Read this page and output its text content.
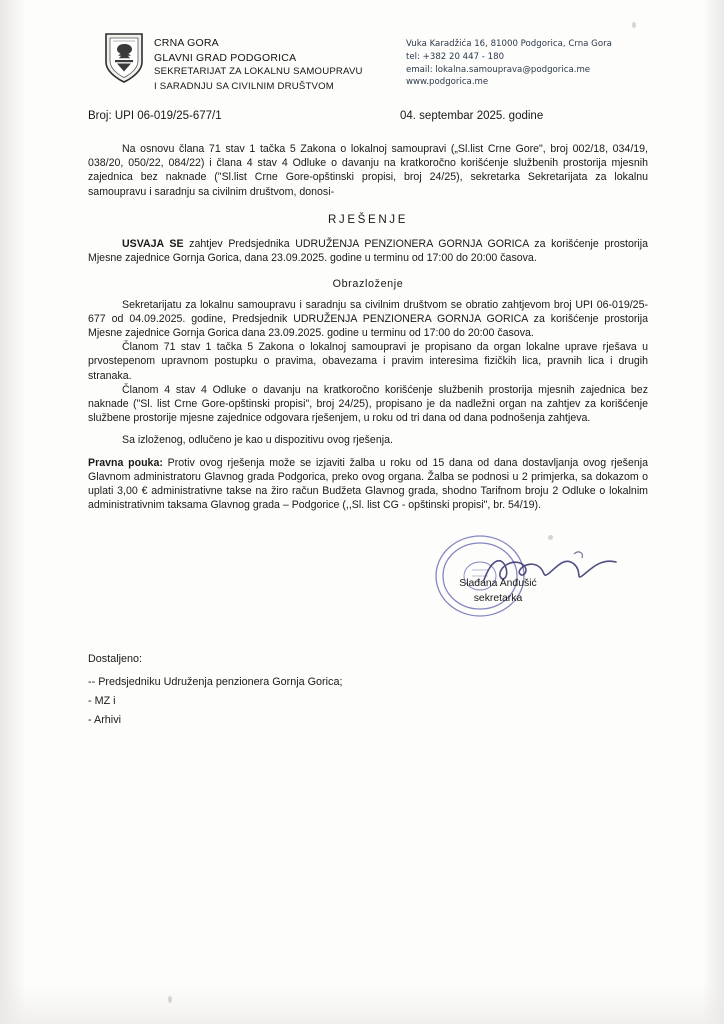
CRNA GORA
GLAVNI GRAD PODGORICA
SEKRETARIJAT ZA LOKALNU SAMOUPRAVU
I SARADNJU SA CIVILNIM DRUŠTVOM
Vuka Karadžića 16, 81000 Podgorica, Crna Gora
tel: +382 20 447 - 180
email: lokalna.samouprava@podgorica.me
www.podgorica.me
Broj: UPI 06-019/25-677/1	04. septembar 2025. godine

Na osnovu člana 71 stav 1 tačka 5 Zakona o lokalnoj samoupravi („Sl.list Crne Gore", broj 002/18, 034/19, 038/20, 050/22, 084/22) i člana 4 stav 4 Odluke o davanju na kratkoročno korišćenje službenih prostorija mjesnih zajednica bez naknade ("Sl.list Crne Gore-opštinski propisi, broj 24/25), sekretarka Sekretarijata za lokalnu samoupravu i saradnju sa civilnim društvom, donosi-

RJEŠENJE

USVAJA SE zahtjev Predsjednika UDRUŽENJA PENZIONERA GORNJA GORICA za korišćenje prostorija Mjesne zajednice Gornja Gorica, dana 23.09.2025. godine u terminu od 17:00 do 20:00 časova.

Obrazloženje

Sekretarijatu za lokalnu samoupravu i saradnju sa civilnim društvom se obratio zahtjevom broj UPI 06-019/25-677 od 04.09.2025. godine, Predsjednik UDRUŽENJA PENZIONERA GORNJA GORICA za korišćenje prostorija Mjesne zajednice Gornja Gorica dana 23.09.2025. godine u terminu od 17:00 do 20:00 časova.

Članom 71 stav 1 tačka 5 Zakona o lokalnoj samoupravi je propisano da organ lokalne uprave rješava u prvostepenom upravnom postupku o pravima, obavezama i pravim interesima fizičkih lica, pravnih lica i drugih stranaka.

Članom 4 stav 4 Odluke o davanju na kratkoročno korišćenje službenih prostorija mjesnih zajednica bez naknade ("Sl. list Crne Gore-opštinski propisi", broj 24/25), propisano je da nadležni organ na zahtjev za korišćenje službene prostorije mjesne zajednice odgovara rješenjem, u roku od tri dana od dana podnošenja zahtjeva.

Sa izloženog, odlučeno je kao u dispozitivu ovog rješenja.

Pravna pouka: Protiv ovog rješenja može se izjaviti žalba u roku od 15 dana od dana dostavljanja ovog rješenja Glavnom administratoru Glavnog grada Podgorica, preko ovog organa. Žalba se podnosi u 2 primjerka, sa dokazom o uplati 3,00 € administrativne takse na žiro račun Budžeta Glavnog grada, shodno Tarifnom broju 2 Odluke o lokalnim administrativnim taksama Glavnog grada – Podgorice (,,Sl. list CG - opštinski propisi", br. 54/19).

Slađana Anđušić
sekretarka
Dostaljeno:
-- Predsjedniku Udruženja penzionera Gornja Gorica;
- MZ i
- Arhivi
